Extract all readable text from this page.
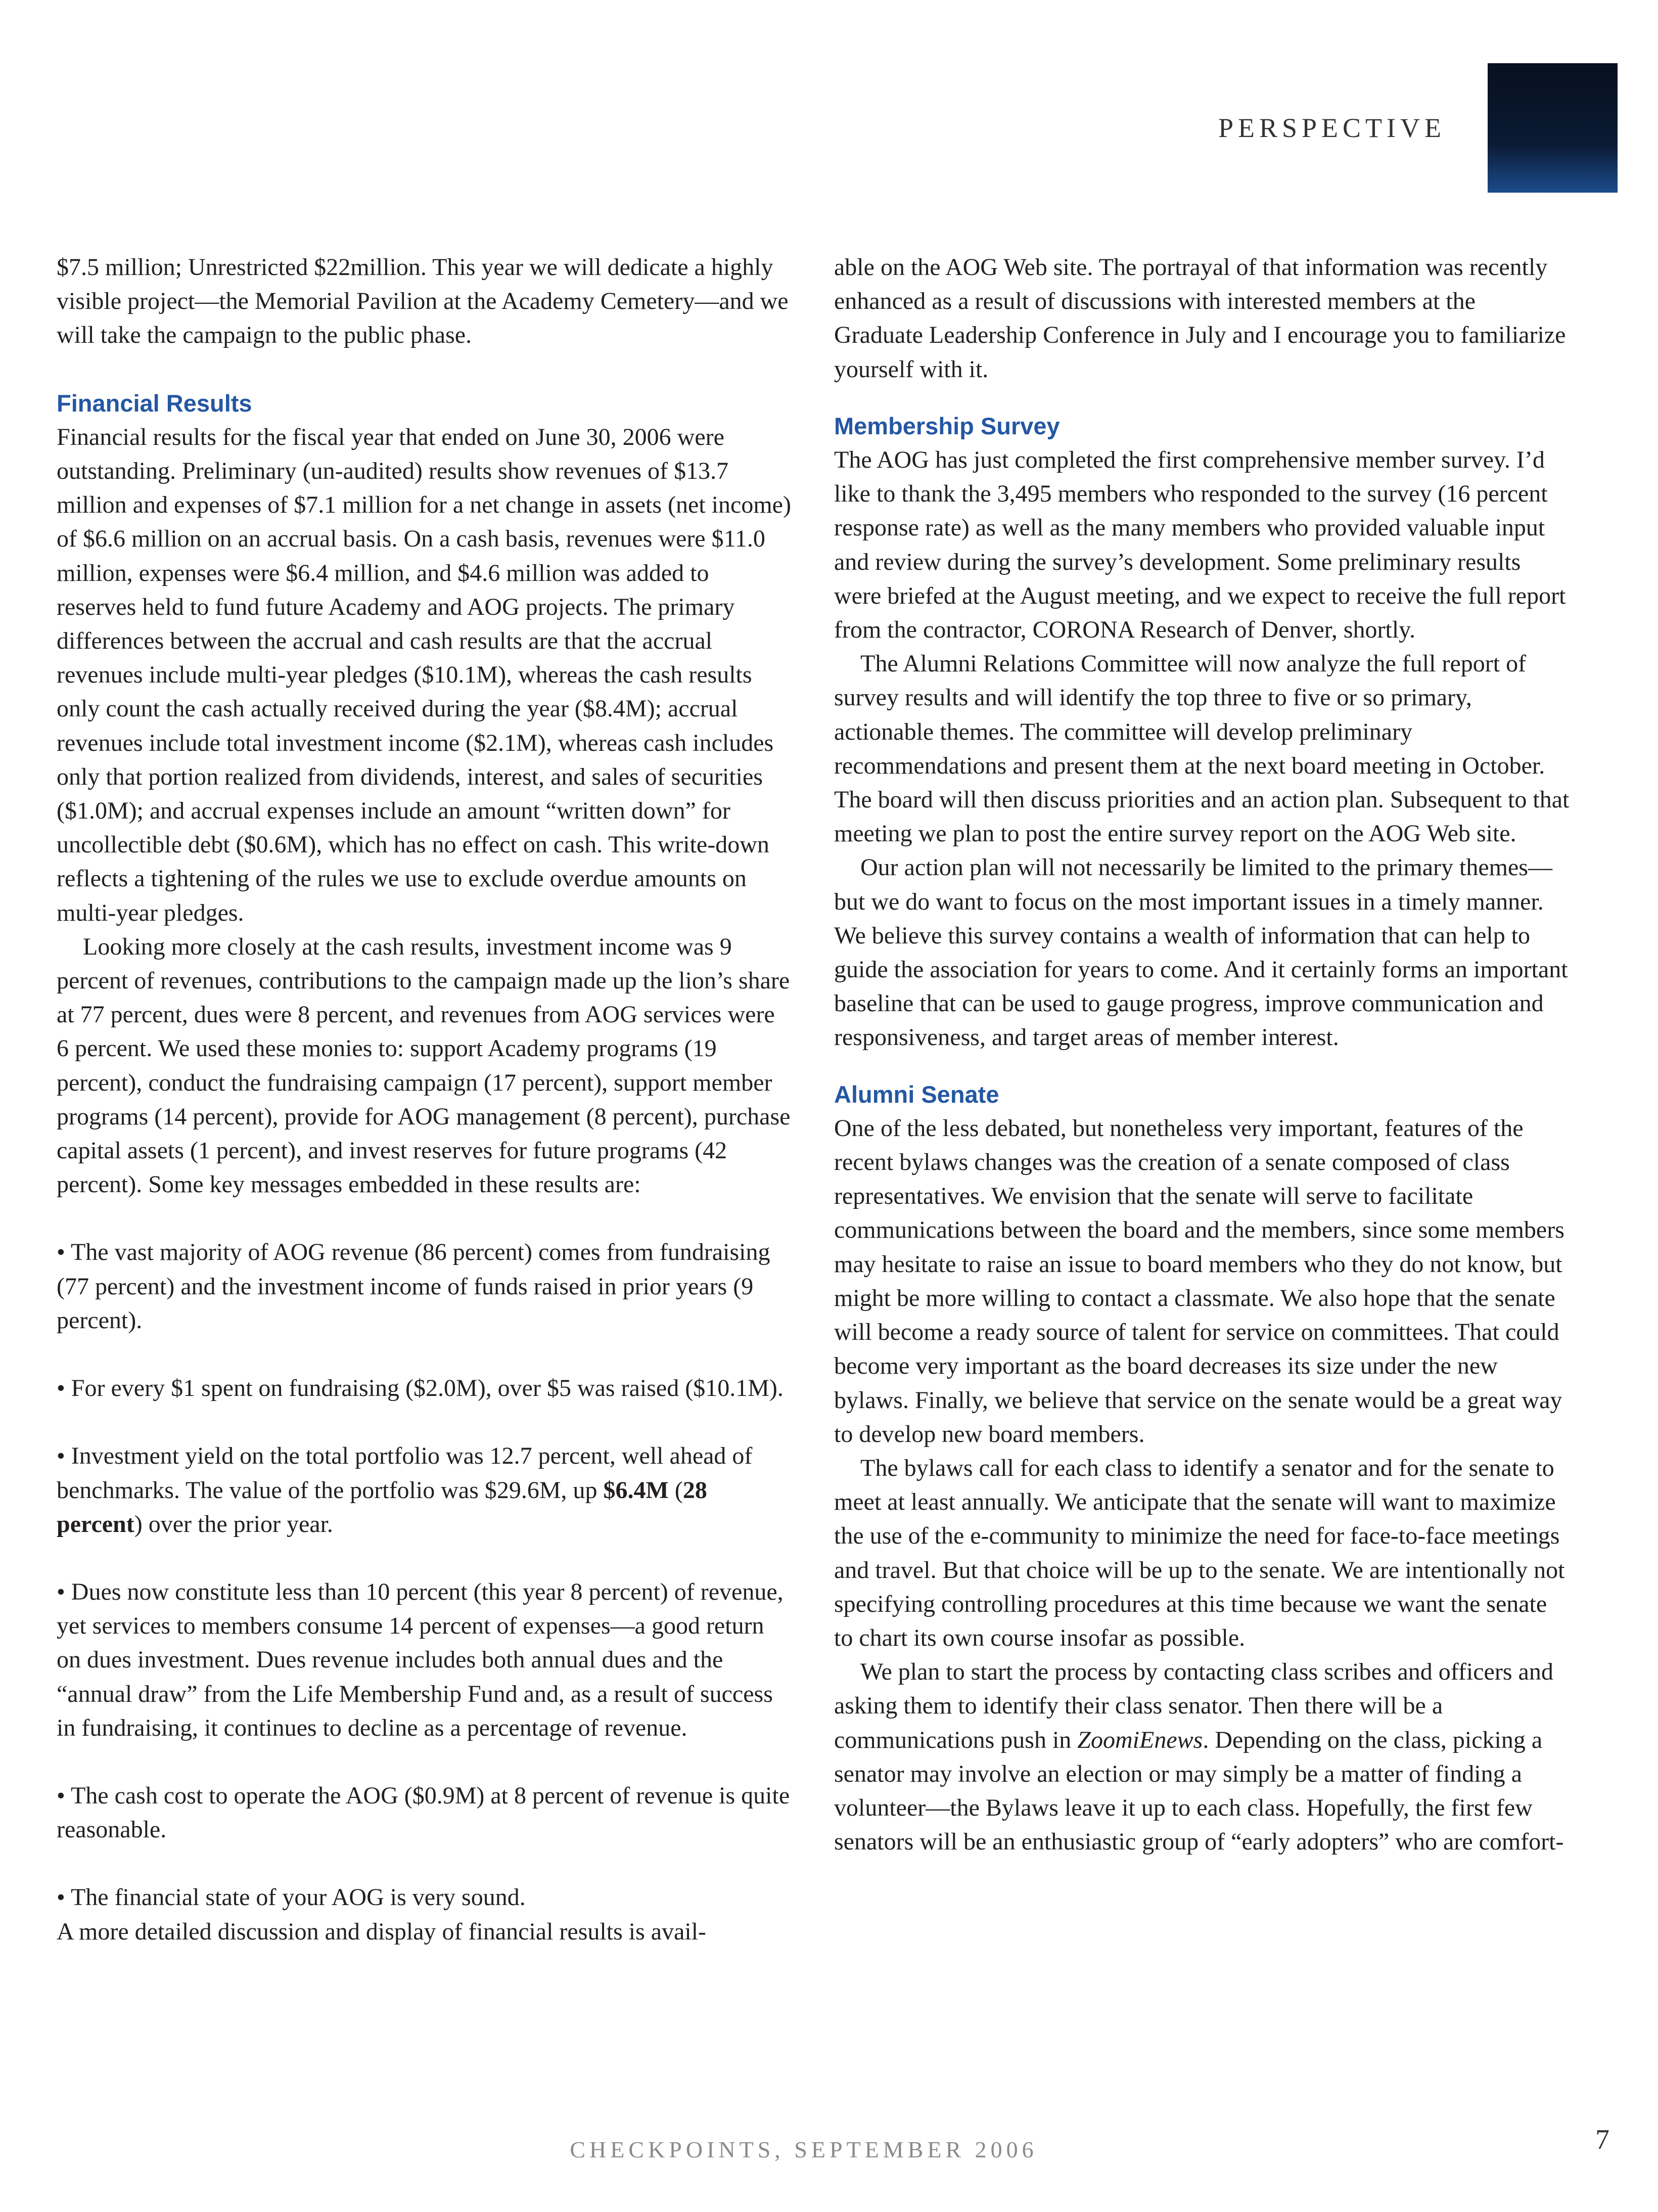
PERSPECTIVE

$7.5 million; Unrestricted $22million. This year we will dedicate a highly visible project—the Memorial Pavilion at the Academy Cemetery—and we will take the campaign to the public phase.

Financial Results

Financial results for the fiscal year that ended on June 30, 2006 were outstanding. Preliminary (un-audited) results show revenues of $13.7 million and expenses of $7.1 million for a net change in assets (net income) of $6.6 million on an accrual basis. On a cash basis, revenues were $11.0 million, expenses were $6.4 million, and $4.6 million was added to reserves held to fund future Academy and AOG projects. The primary differences between the accrual and cash results are that the accrual revenues include multi-year pledges ($10.1M), whereas the cash results only count the cash actually received during the year ($8.4M); accrual revenues include total investment income ($2.1M), whereas cash includes only that portion realized from dividends, interest, and sales of securities ($1.0M); and accrual expenses include an amount “written down” for uncollectible debt ($0.6M), which has no effect on cash. This write-down reflects a tightening of the rules we use to exclude overdue amounts on multi-year pledges.

Looking more closely at the cash results, investment income was 9 percent of revenues, contributions to the campaign made up the lion’s share at 77 percent, dues were 8 percent, and revenues from AOG services were 6 percent. We used these monies to: support Academy programs (19 percent), conduct the fundraising campaign (17 percent), support member programs (14 percent), provide for AOG management (8 percent), purchase capital assets (1 percent), and invest reserves for future programs (42 percent). Some key messages embedded in these results are:

• The vast majority of AOG revenue (86 percent) comes from fundraising (77 percent) and the investment income of funds raised in prior years (9 percent).

• For every $1 spent on fundraising ($2.0M), over $5 was raised ($10.1M).

• Investment yield on the total portfolio was 12.7 percent, well ahead of benchmarks. The value of the portfolio was $29.6M, up $6.4M (28 percent) over the prior year.

• Dues now constitute less than 10 percent (this year 8 percent) of revenue, yet services to members consume 14 percent of expenses—a good return on dues investment. Dues revenue includes both annual dues and the “annual draw” from the Life Membership Fund and, as a result of success in fundraising, it continues to decline as a percentage of revenue.

• The cash cost to operate the AOG ($0.9M) at 8 percent of revenue is quite reasonable.

• The financial state of your AOG is very sound.

A more detailed discussion and display of financial results is avail-

able on the AOG Web site. The portrayal of that information was recently enhanced as a result of discussions with interested members at the Graduate Leadership Conference in July and I encourage you to familiarize yourself with it.

Membership Survey

The AOG has just completed the first comprehensive member survey. I’d like to thank the 3,495 members who responded to the survey (16 percent response rate) as well as the many members who provided valuable input and review during the survey’s development. Some preliminary results were briefed at the August meeting, and we expect to receive the full report from the contractor, CORONA Research of Denver, shortly.

The Alumni Relations Committee will now analyze the full report of survey results and will identify the top three to five or so primary, actionable themes. The committee will develop preliminary recommendations and present them at the next board meeting in October. The board will then discuss priorities and an action plan. Subsequent to that meeting we plan to post the entire survey report on the AOG Web site.

Our action plan will not necessarily be limited to the primary themes—but we do want to focus on the most important issues in a timely manner. We believe this survey contains a wealth of information that can help to guide the association for years to come. And it certainly forms an important baseline that can be used to gauge progress, improve communication and responsiveness, and target areas of member interest.

Alumni Senate

One of the less debated, but nonetheless very important, features of the recent bylaws changes was the creation of a senate composed of class representatives. We envision that the senate will serve to facilitate communications between the board and the members, since some members may hesitate to raise an issue to board members who they do not know, but might be more willing to contact a classmate. We also hope that the senate will become a ready source of talent for service on committees. That could become very important as the board decreases its size under the new bylaws. Finally, we believe that service on the senate would be a great way to develop new board members.

The bylaws call for each class to identify a senator and for the senate to meet at least annually. We anticipate that the senate will want to maximize the use of the e-community to minimize the need for face-to-face meetings and travel. But that choice will be up to the senate. We are intentionally not specifying controlling procedures at this time because we want the senate to chart its own course insofar as possible.

We plan to start the process by contacting class scribes and officers and asking them to identify their class senator. Then there will be a communications push in ZoomiEnews. Depending on the class, picking a senator may involve an election or may simply be a matter of finding a volunteer—the Bylaws leave it up to each class. Hopefully, the first few senators will be an enthusiastic group of “early adopters” who are comfort-

CHECKPOINTS, SEPTEMBER 2006	7
